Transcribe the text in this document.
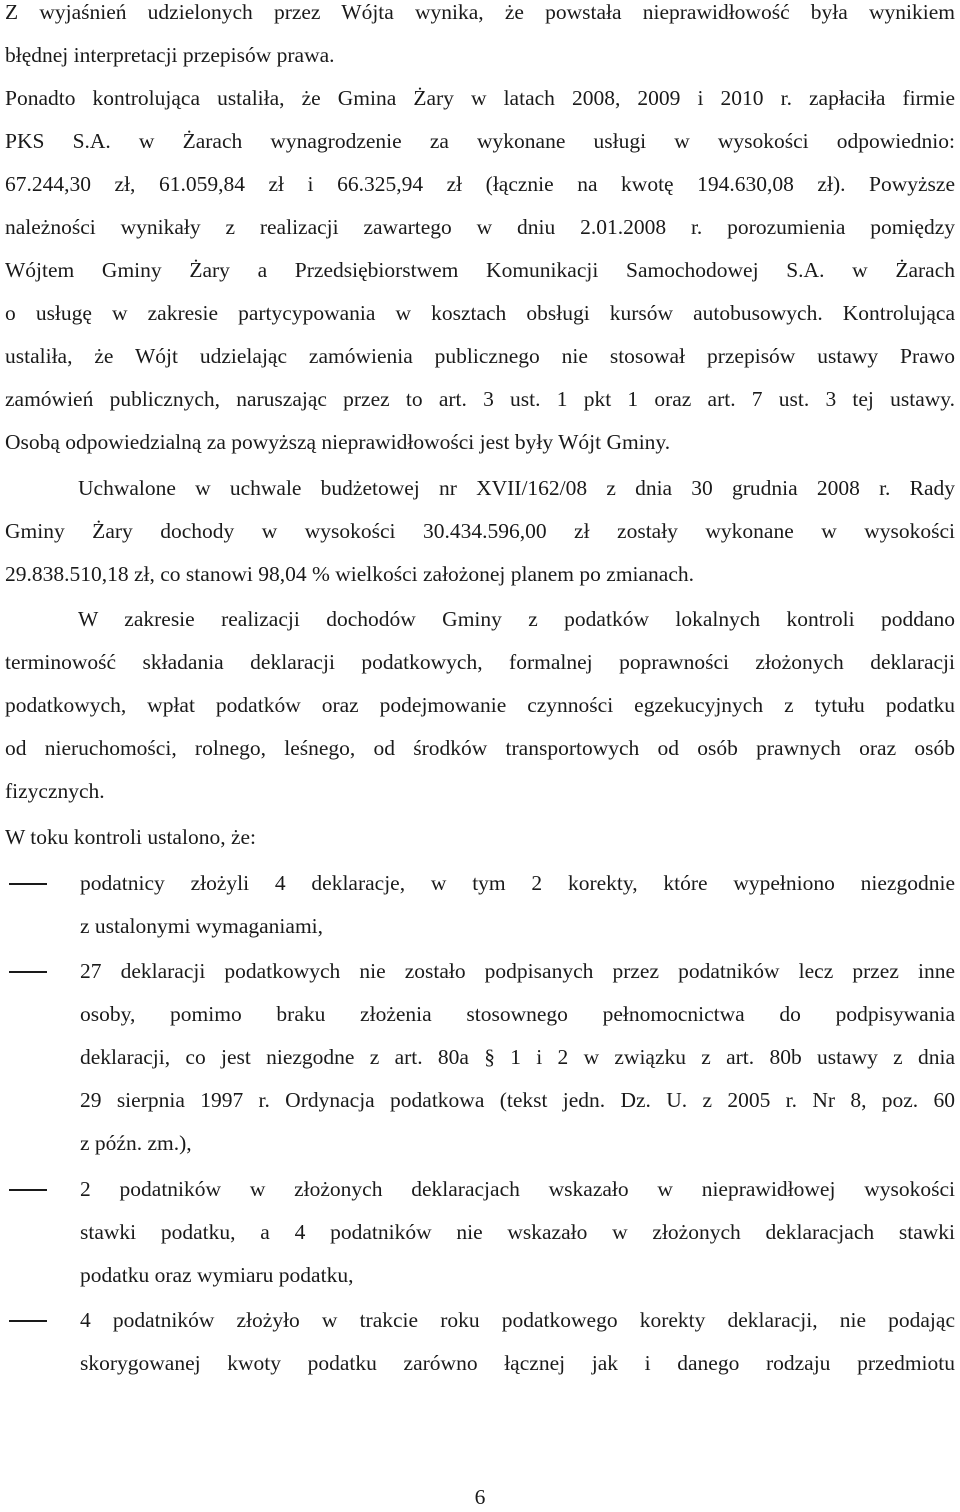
Z wyjaśnień udzielonych przez Wójta wynika, że powstała nieprawidłowość była wynikiem
błędnej interpretacji przepisów prawa.
Ponadto kontrolująca ustaliła, że Gmina Żary w latach 2008, 2009 i 2010 r. zapłaciła firmie
PKS S.A. w Żarach wynagrodzenie za wykonane usługi w wysokości odpowiednio:
67.244,30 zł, 61.059,84 zł i 66.325,94 zł (łącznie na kwotę 194.630,08 zł). Powyższe
należności wynikały z realizacji zawartego w dniu 2.01.2008 r. porozumienia pomiędzy
Wójtem Gminy Żary a Przedsiębiorstwem Komunikacji Samochodowej S.A. w Żarach
o usługę w zakresie partycypowania w kosztach obsługi kursów autobusowych. Kontrolująca
ustaliła, że Wójt udzielając zamówienia publicznego nie stosował przepisów ustawy Prawo
zamówień publicznych, naruszając przez to art. 3 ust. 1 pkt 1 oraz art. 7 ust. 3 tej ustawy.
Osobą odpowiedzialną za powyższą nieprawidłowości jest były Wójt Gminy.
Uchwalone w uchwale budżetowej nr XVII/162/08 z dnia 30 grudnia 2008 r. Rady
Gminy Żary dochody w wysokości 30.434.596,00 zł zostały wykonane w wysokości
29.838.510,18 zł, co stanowi 98,04 % wielkości założonej planem po zmianach.
W zakresie realizacji dochodów Gminy z podatków lokalnych kontroli poddano
terminowość składania deklaracji podatkowych, formalnej poprawności złożonych deklaracji
podatkowych, wpłat podatków oraz podejmowanie czynności egzekucyjnych z tytułu podatku
od nieruchomości, rolnego, leśnego, od środków transportowych od osób prawnych oraz osób
fizycznych.
W toku kontroli ustalono, że:
podatnicy złożyli 4 deklaracje, w tym 2 korekty, które wypełniono niezgodnie
z ustalonymi wymaganiami,
27 deklaracji podatkowych nie zostało podpisanych przez podatników lecz przez inne
osoby, pomimo braku złożenia stosownego pełnomocnictwa do podpisywania
deklaracji, co jest niezgodne z art. 80a § 1 i 2 w związku z art. 80b ustawy z dnia
29 sierpnia 1997 r. Ordynacja podatkowa (tekst jedn. Dz. U. z 2005 r. Nr 8, poz. 60
z późn. zm.),
2 podatników w złożonych deklaracjach wskazało w nieprawidłowej wysokości
stawki podatku, a 4 podatników nie wskazało w złożonych deklaracjach stawki
podatku oraz wymiaru podatku,
4 podatników złożyło w trakcie roku podatkowego korekty deklaracji, nie podając
skorygowanej kwoty podatku zarówno łącznej jak i danego rodzaju przedmiotu
6
